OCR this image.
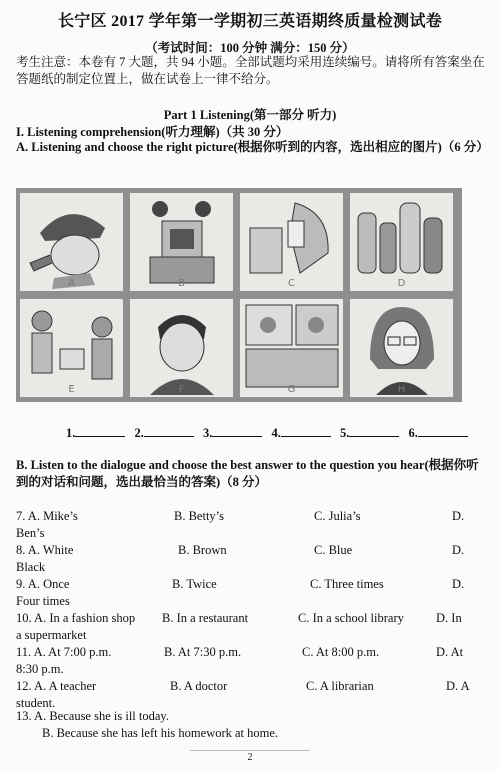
长宁区 2017 学年第一学期初三英语期终质量检测试卷
（考试时间：100 分钟 满分：150 分）
考生注意：本卷有 7 大题，共 94 小题。全部试题均采用连续编号。请将所有答案坐在答题纸的制定位置上，做在试卷上一律不给分。
Part 1 Listening(第一部分 听力)
I. Listening comprehension(听力理解)（共 30 分）
A. Listening and choose the right picture(根据你听到的内容，选出相应的图片)（6 分）
A	B	C	D
E	F	G	H
1.	2.	3.	4.	5.	6.
B. Listen to the dialogue and choose the best answer to the question you hear(根据你听到的对话和问题，选出最恰当的答案)（8 分）
7. A. Mike’s	B. Betty’s	C. Julia’s	D.
Ben’s
8. A. White	B. Brown	C. Blue	D.
Black
9. A. Once	B. Twice	C. Three times	D.
Four times
10. A. In a fashion shop B. In a restaurant	C. In a school library	D. In
a supermarket
11. A. At 7:00 p.m.	B. At 7:30 p.m.	C. At 8:00 p.m.	D. At
8:30 p.m.
12. A. A teacher	B. A doctor	C. A librarian	D. A
student.
13. A. Because she is ill today.
B. Because she has left his homework at home.
2
